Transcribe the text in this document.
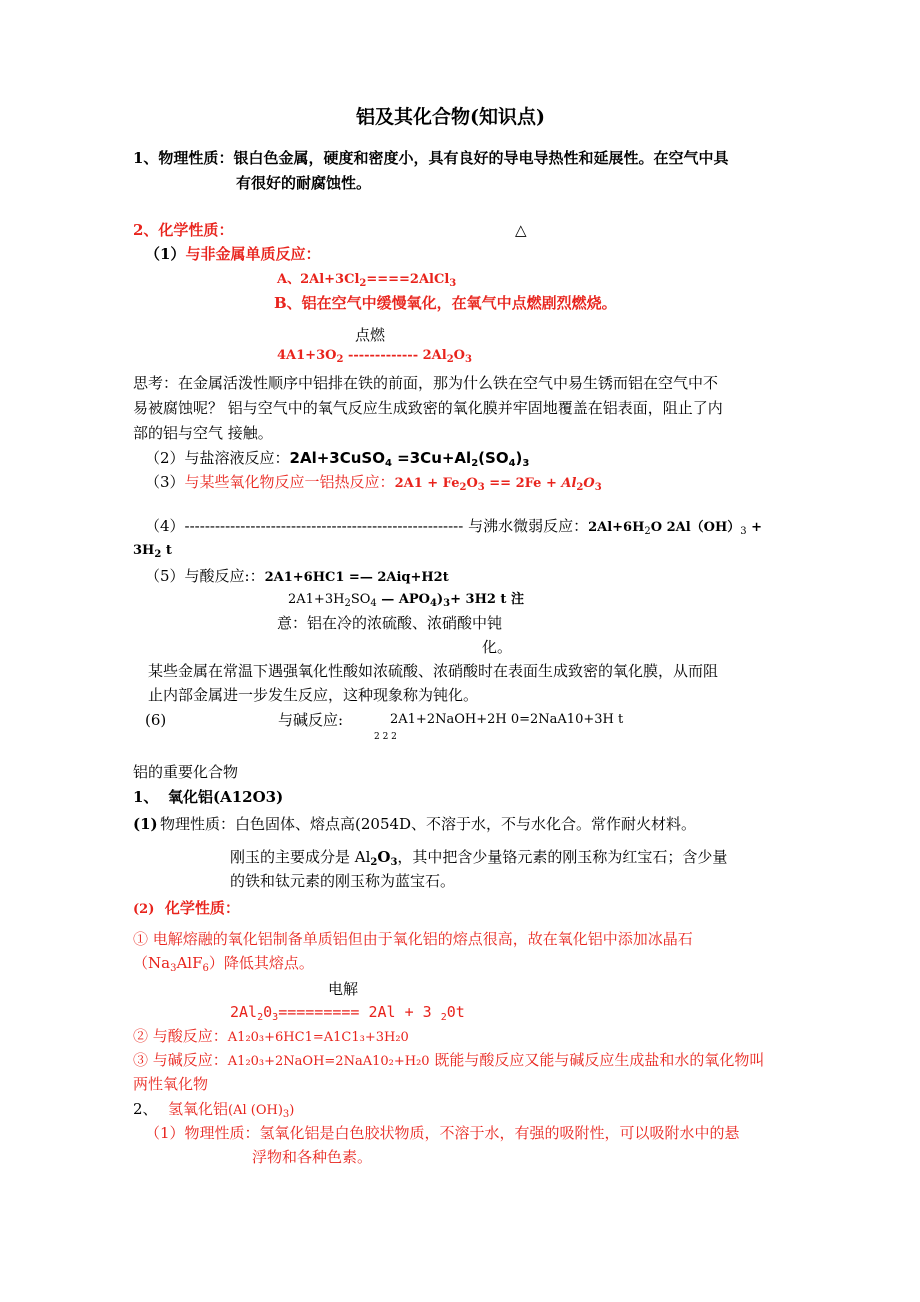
铝及其化合物(知识点)
1、物理性质：银白色金属，硬度和密度小，具有良好的导电导热性和延展性。在空气中具
有很好的耐腐蚀性。
2、化学性质：	△
（1）与非金属单质反应：
A、$2Al+3Cl_2====2AlCl_3$
B、铝在空气中缓慢氧化，在氧气中点燃剧烈燃烧。
点燃
$4A1+3O_2$ ------------- $2Al_2O_3$
思考：在金属活泼性顺序中铝排在铁的前面，那为什么铁在空气中易生锈而铝在空气中不
易被腐蚀呢？ 铝与空气中的氧气反应生成致密的氧化膜并牢固地覆盖在铝表面，阻止了内
部的铝与空气 接触。
（2）与盐溶液反应：2Al+3CuSO$_4$ $=3Cu+Al_2(SO_4)_3$
（3）与某些氧化物反应一铝热反应：$2A1 + Fe_2O_3 == 2Fe + Al_2O_3$
（4）------------------------------------------------------- 与沸水微弱反应：$2Al+6H_2O$ $2Al(OH)_3$ +
$3H_2$ t
（5）与酸反应:：2A1+6HC1 =— 2Aiq+H2t
$2A1+3H_2SO_4$ — $APO_4)_3+ 3H2$ t 注
意：铝在冷的浓硫酸、浓硝酸中钝
化。
某些金属在常温下遇强氧化性酸如浓硫酸、浓硝酸时在表面生成致密的氧化膜，从而阻
止内部金属进一步发生反应，这种现象称为钝化。
(6)	与碱反应:	2A1+2NaOH+2H 0=2NaA10+3H t
2 2 2
铝的重要化合物
1、 氧化铝(A12O3)
(1) 物理性质：白色固体、熔点高(2054D、不溶于水，不与水化合。常作耐火材料。
刚玉的主要成分是 $Al_2O_3$，其中把含少量铬元素的刚玉称为红宝石；含少量
的铁和钛元素的刚玉称为蓝宝石。
(2) 化学性质：
① 电解熔融的氧化铝制备单质铝但由于氧化铝的熔点很高，故在氧化铝中添加冰晶石
$(Na_3AlF_6)$降低其熔点。
电解
$2Al_20_3========= 2Al + 3$ $_2$0t
② 与酸反应：A1₂0₃+6HC1=A1C1₃+3H₂0
③ 与碱反应：A1₂0₃+2NaOH=2NaA10₂+H₂0 既能与酸反应又能与碱反应生成盐和水的氧化物叫
两性氧化物
2、 氢氧化铝(Al $(OH)_3$)
（1）物理性质：氢氧化铝是白色胶状物质，不溶于水，有强的吸附性，可以吸附水中的悬
浮物和各种色素。
